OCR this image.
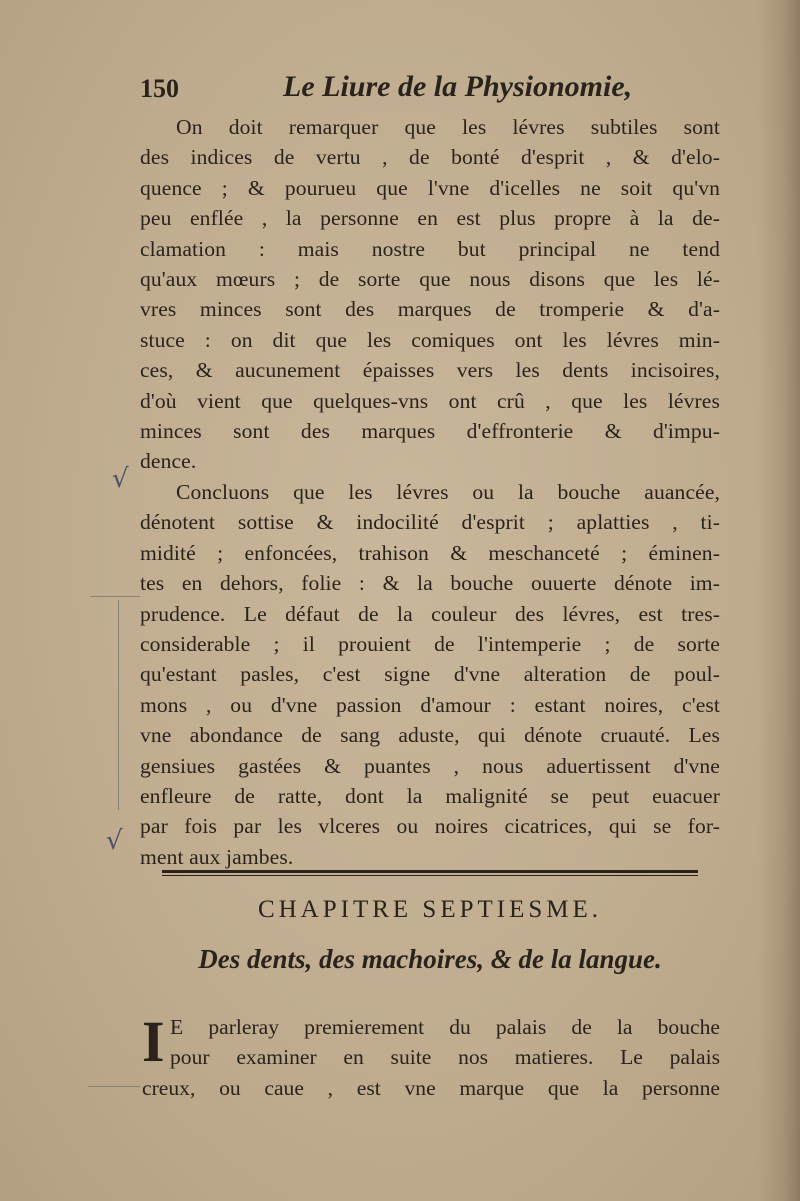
150	Le Liure de la Physionomie,
On doit remarquer que les lévres subtiles sont
des indices de vertu , de bonté d'esprit , & d'elo-
quence ; & pourueu que l'vne d'icelles ne soit qu'vn
peu enflée , la personne en est plus propre à la de-
clamation : mais nostre but principal ne tend
qu'aux mœurs ; de sorte que nous disons que les lé-
vres minces sont des marques de tromperie & d'a-
stuce : on dit que les comiques ont les lévres min-
ces, & aucunement épaisses vers les dents incisoires,
d'où vient que quelques-vns ont crû , que les lévres
minces sont des marques d'effronterie & d'impu-
dence.
Concluons que les lévres ou la bouche auancée,
dénotent sottise & indocilité d'esprit ; aplatties , ti-
midité ; enfoncées, trahison & meschanceté ; éminen-
tes en dehors, folie : & la bouche ouuerte dénote im-
prudence. Le défaut de la couleur des lévres, est tres-
considerable ; il prouient de l'intemperie ; de sorte
qu'estant pasles, c'est signe d'vne alteration de poul-
mons , ou d'vne passion d'amour : estant noires, c'est
vne abondance de sang aduste, qui dénote cruauté. Les
gensiues gastées & puantes , nous aduertissent d'vne
enfleure de ratte, dont la malignité se peut euacuer
par fois par les vlceres ou noires cicatrices, qui se for-
ment aux jambes.
CHAPITRE SEPTIESME.
Des dents, des machoires, & de la langue.
I E parleray premierement du palais de la bouche
pour examiner en suite nos matieres. Le palais
creux, ou caue , est vne marque que la personne
√
√
